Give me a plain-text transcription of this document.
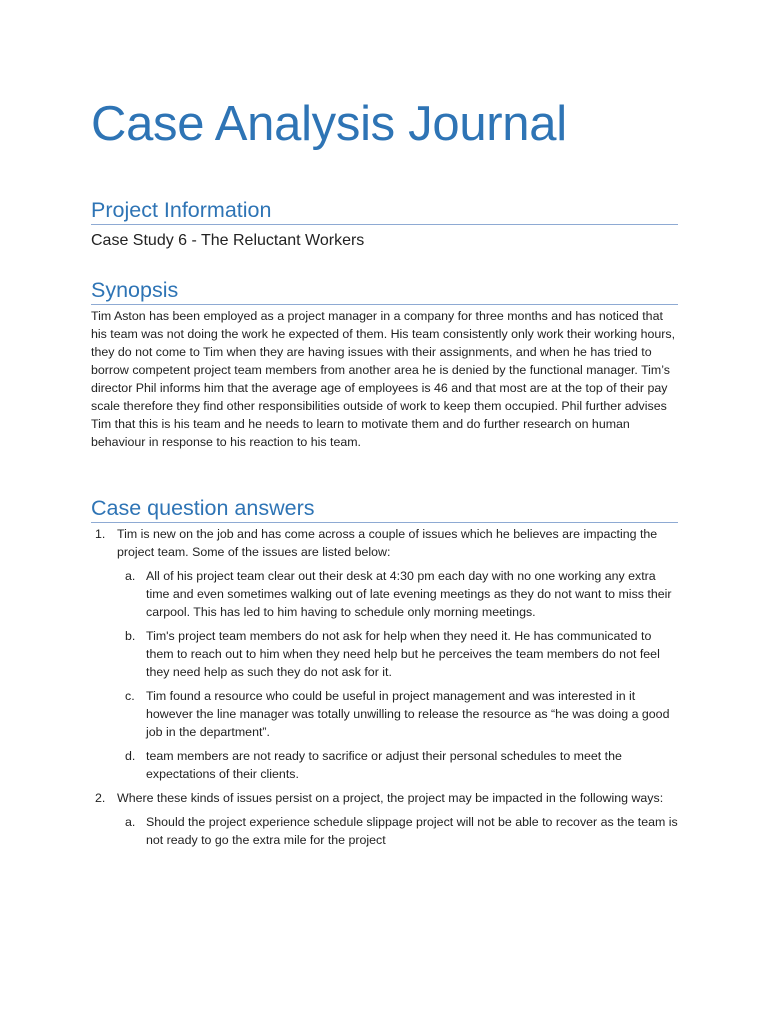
Case Analysis Journal
Project Information

Case Study 6 - The Reluctant Workers

Synopsis

Tim Aston has been employed as a project manager in a company for three months and has noticed that his team was not doing the work he expected of them. His team consistently only work their working hours, they do not come to Tim when they are having issues with their assignments, and when he has tried to borrow competent project team members from another area he is denied by the functional manager. Tim’s director Phil informs him that the average age of employees is 46 and that most are at the top of their pay scale therefore they find other responsibilities outside of work to keep them occupied. Phil further advises Tim that this is his team and he needs to learn to motivate them and do further research on human behaviour in response to his reaction to his team.

Case question answers
1. Tim is new on the job and has come across a couple of issues which he believes are impacting the project team. Some of the issues are listed below:
a. All of his project team clear out their desk at 4:30 pm each day with no one working any extra time and even sometimes walking out of late evening meetings as they do not want to miss their carpool. This has led to him having to schedule only morning meetings.
b. Tim's project team members do not ask for help when they need it. He has communicated to them to reach out to him when they need help but he perceives the team members do not feel they need help as such they do not ask for it.
c. Tim found a resource who could be useful in project management and was interested in it however the line manager was totally unwilling to release the resource as “he was doing a good job in the department”.
d. team members are not ready to sacrifice or adjust their personal schedules to meet the expectations of their clients.
2. Where these kinds of issues persist on a project, the project may be impacted in the following ways:
a. Should the project experience schedule slippage project will not be able to recover as the team is not ready to go the extra mile for the project
